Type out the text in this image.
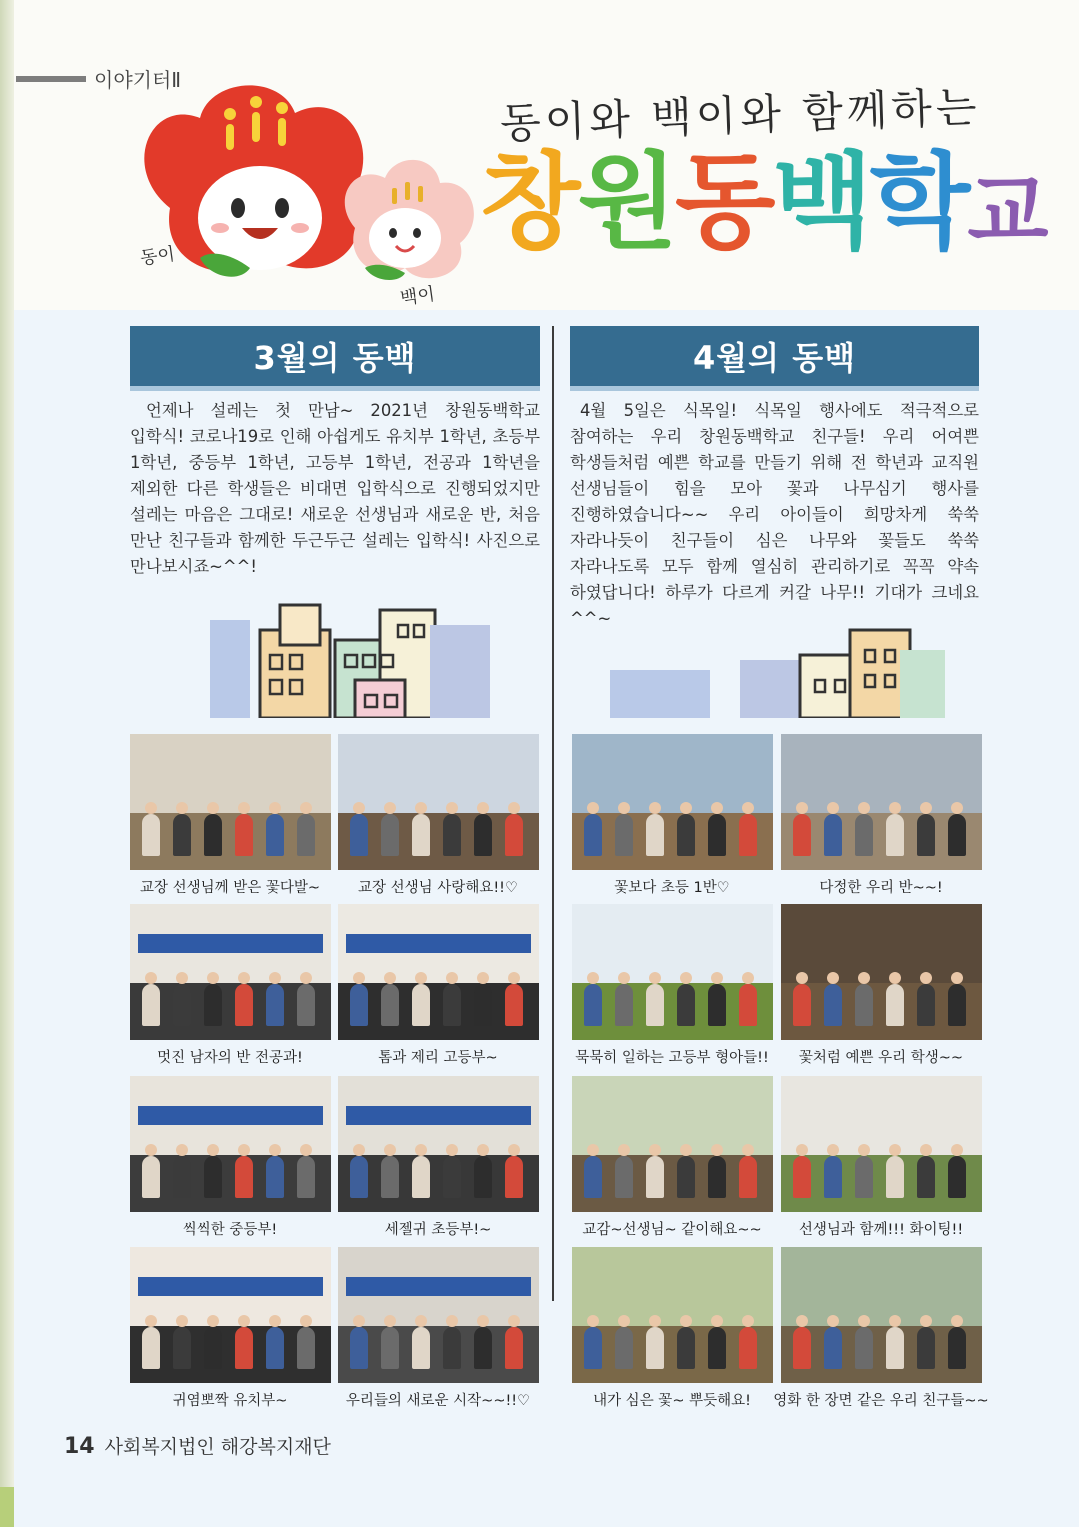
이야기터Ⅱ
동이
백이
동이와 백이와 함께하는
창 원 동 백 학 교
3월의 동백
언제나 설레는 첫 만남~ 2021년 창원동백학교 입학식! 코로나19로 인해 아쉽게도 유치부 1학년, 초등부 1학년, 중등부 1학년, 고등부 1학년, 전공과 1학년을 제외한 다른 학생들은 비대면 입학식으로 진행되었지만 설레는 마음은 그대로! 새로운 선생님과 새로운 반, 처음 만난 친구들과 함께한 두근두근 설레는 입학식! 사진으로 만나보시죠~^^!
4월의 동백
4월 5일은 식목일! 식목일 행사에도 적극적으로 참여하는 우리 창원동백학교 친구들! 우리 어여쁜 학생들처럼 예쁜 학교를 만들기 위해 전 학년과 교직원 선생님들이 힘을 모아 꽃과 나무심기 행사를 진행하였습니다~~ 우리 아이들이 희망차게 쑥쑥 자라나듯이 친구들이 심은 나무와 꽃들도 쑥쑥 자라나도록 모두 함께 열심히 관리하기로 꼭꼭 약속 하였답니다! 하루가 다르게 커갈 나무!! 기대가 크네요^^~
교장 선생님께 받은 꽃다발~	교장 선생님 사랑해요!!♡
멋진 남자의 반 전공과!	톰과 제리 고등부~
씩씩한 중등부!	세젤귀 초등부!~
귀염뽀짝 유치부~	우리들의 새로운 시작~~!!♡
꽃보다 초등 1반♡	다정한 우리 반~~!
묵묵히 일하는 고등부 형아들!!	꽃처럼 예쁜 우리 학생~~
교감~선생님~ 같이해요~~	선생님과 함께!!! 화이팅!!
내가 심은 꽃~ 뿌듯해요!	영화 한 장면 같은 우리 친구들~~
14 사회복지법인 해강복지재단
